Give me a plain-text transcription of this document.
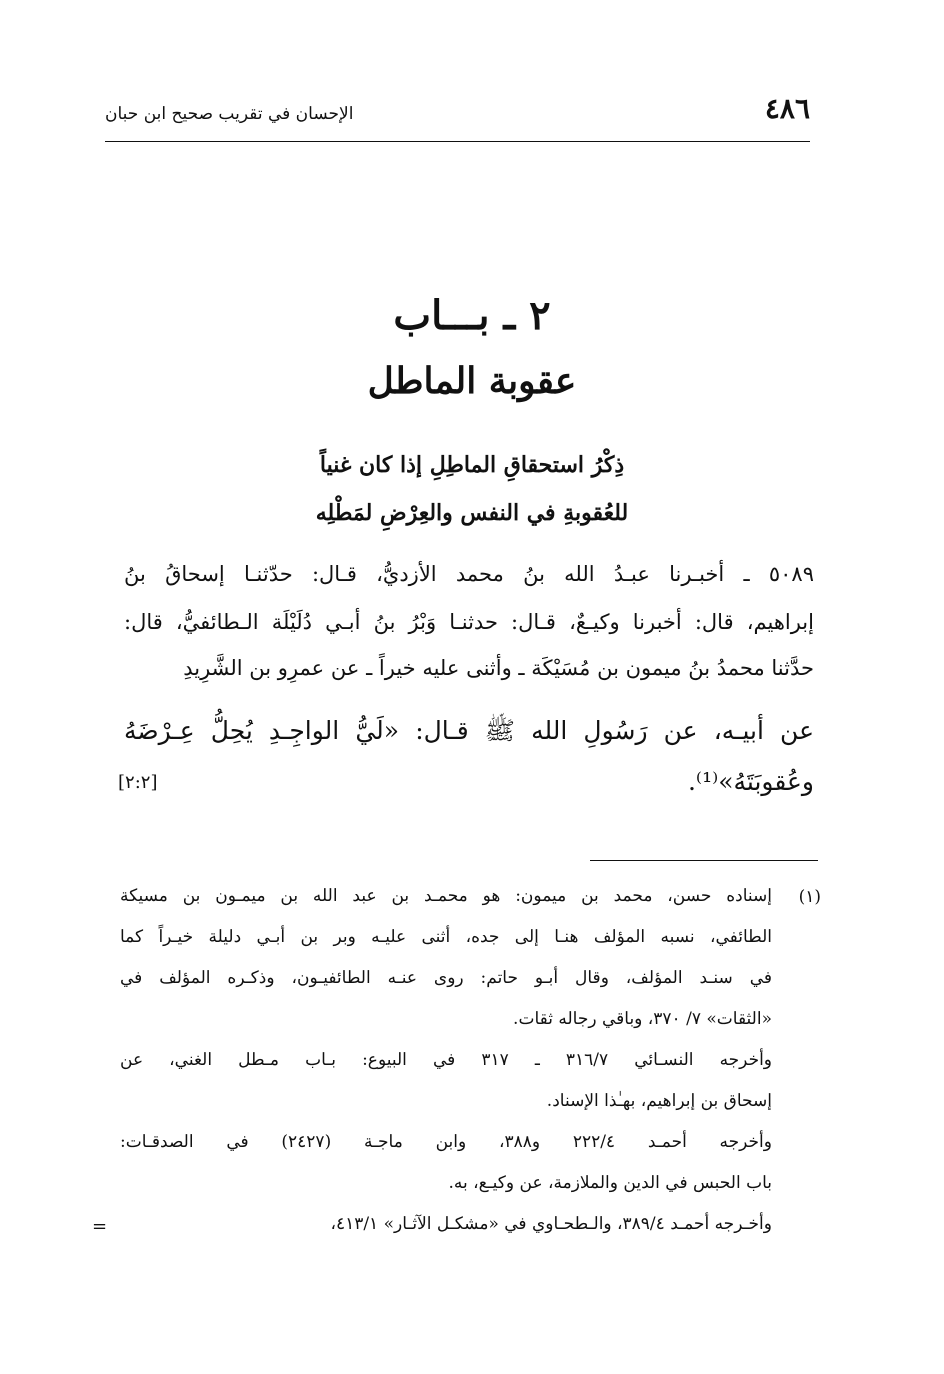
٤٨٦
الإحسان في تقريب صحيح ابن حبان
٢ ـ بـــاب
عقوبة الماطل
ذِكْرُ استحقاقِ الماطِلِ إذا كان غنياً
للعُقوبةِ في النفس والعِرْضِ لمَطْلِه
٥٠٨٩ ـ أخبـرنا عبـدُ الله بنُ محمد الأزديُّ، قـال: حدّثنـا إسحاقُ بنُ
إبراهيم، قال: أخبرنا وكيـعٌ، قـال: حدثنـا وَبْرُ بنُ أبـي دُلَيْلَة الـطائفيُّ، قال:
حدَّثنا محمدُ بنُ ميمون بن مُسَيْكَة ـ وأثنى عليه خيراً ـ عن عمرِو بن الشَّرِيدِ
عن أبيـه، عن رَسُولِ الله ﷺ قـال: «لَيُّ الواجِـدِ يُحِلُّ عِـرْضَهُ
وعُقوبَتَهُ»⁽¹⁾.
[٢:٢]
(١)
إسناده حسن، محمد بن ميمون: هو محمـد بن عبد الله بن ميمـون بن مسيكة
الطائفي، نسبه المؤلف هنـا إلى جده، أثنى عليـه وبر بن أبـي دليلة خيـراً كما
في سنـد المؤلف، وقال أبـو حاتم: روى عنـه الطائفيـون، وذكـره المؤلف في
«الثقات» ٧/ ٣٧٠، وباقي رجاله ثقات.
وأخرجه النسـائي ٣١٦/٧ ـ ٣١٧ في البيوع: بـاب مـطل الغني، عن
إسحاق بن إبراهيم، بهـٰذا الإسناد.
وأخرجه أحمـد ٢٢٢/٤ و٣٨٨، وابن ماجـة (٢٤٢٧) في الصدقـات:
باب الحبس في الدين والملازمة، عن وكيـع، به.
وأخـرجه أحمـد ٣٨٩/٤، والـطحـاوي في «مشكـل الآثـار» ٤١٣/١،
=
